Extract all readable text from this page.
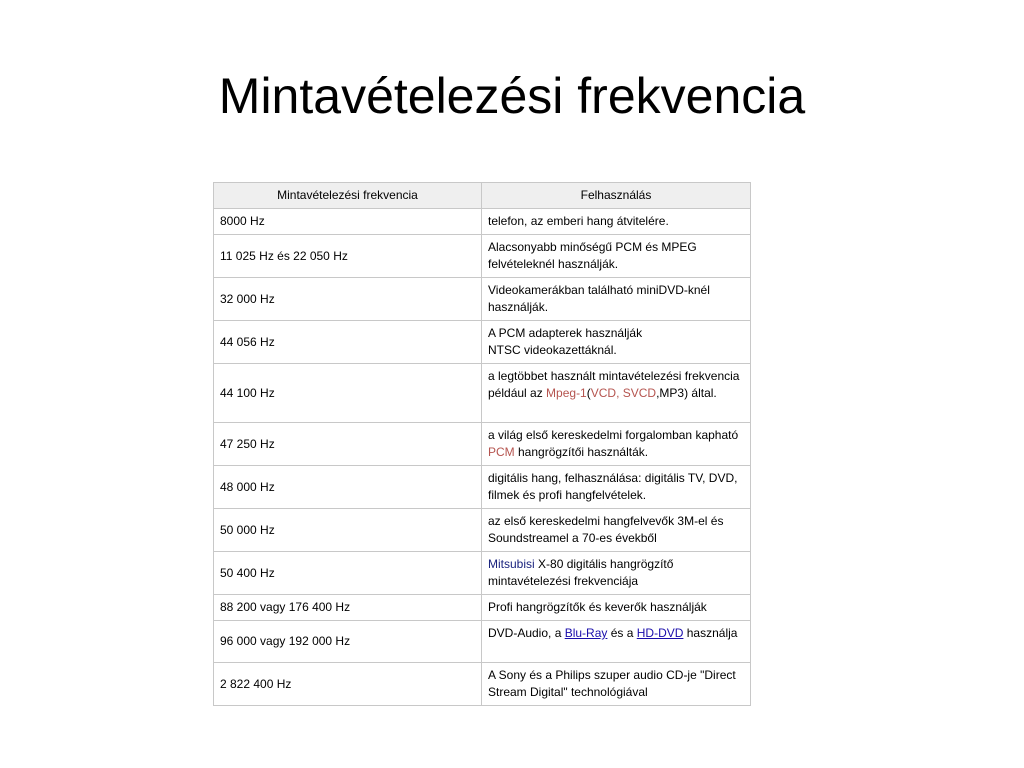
Mintavételezési frekvencia
Mintavételezési frekvencia	Felhasználás
8000 Hz	telefon, az emberi hang átvitelére.
11 025 Hz és 22 050 Hz	Alacsonyabb minőségű PCM és MPEG felvételeknél használják.
32 000 Hz	Videokamerákban található miniDVD-knél használják.
44 056 Hz	A PCM adapterek használják
NTSC videokazettáknál.
44 100 Hz	a legtöbbet használt mintavételezési frekvencia például az Mpeg-1(VCD, SVCD,MP3) által.
47 250 Hz	a világ első kereskedelmi forgalomban kapható PCM hangrögzítői használták.
48 000 Hz	digitális hang, felhasználása: digitális TV, DVD, filmek és profi hangfelvételek.
50 000 Hz	az első kereskedelmi hangfelvevők 3M-el és Soundstreamel a 70-es évekből
50 400 Hz	Mitsubisi X-80 digitális hangrögzítő mintavételezési frekvenciája
88 200 vagy 176 400 Hz	Profi hangrögzítők és keverők használják
96 000 vagy 192 000 Hz	DVD-Audio, a Blu-Ray és a HD-DVD használja
2 822 400 Hz	A Sony és a Philips szuper audio CD-je "Direct Stream Digital" technológiával
